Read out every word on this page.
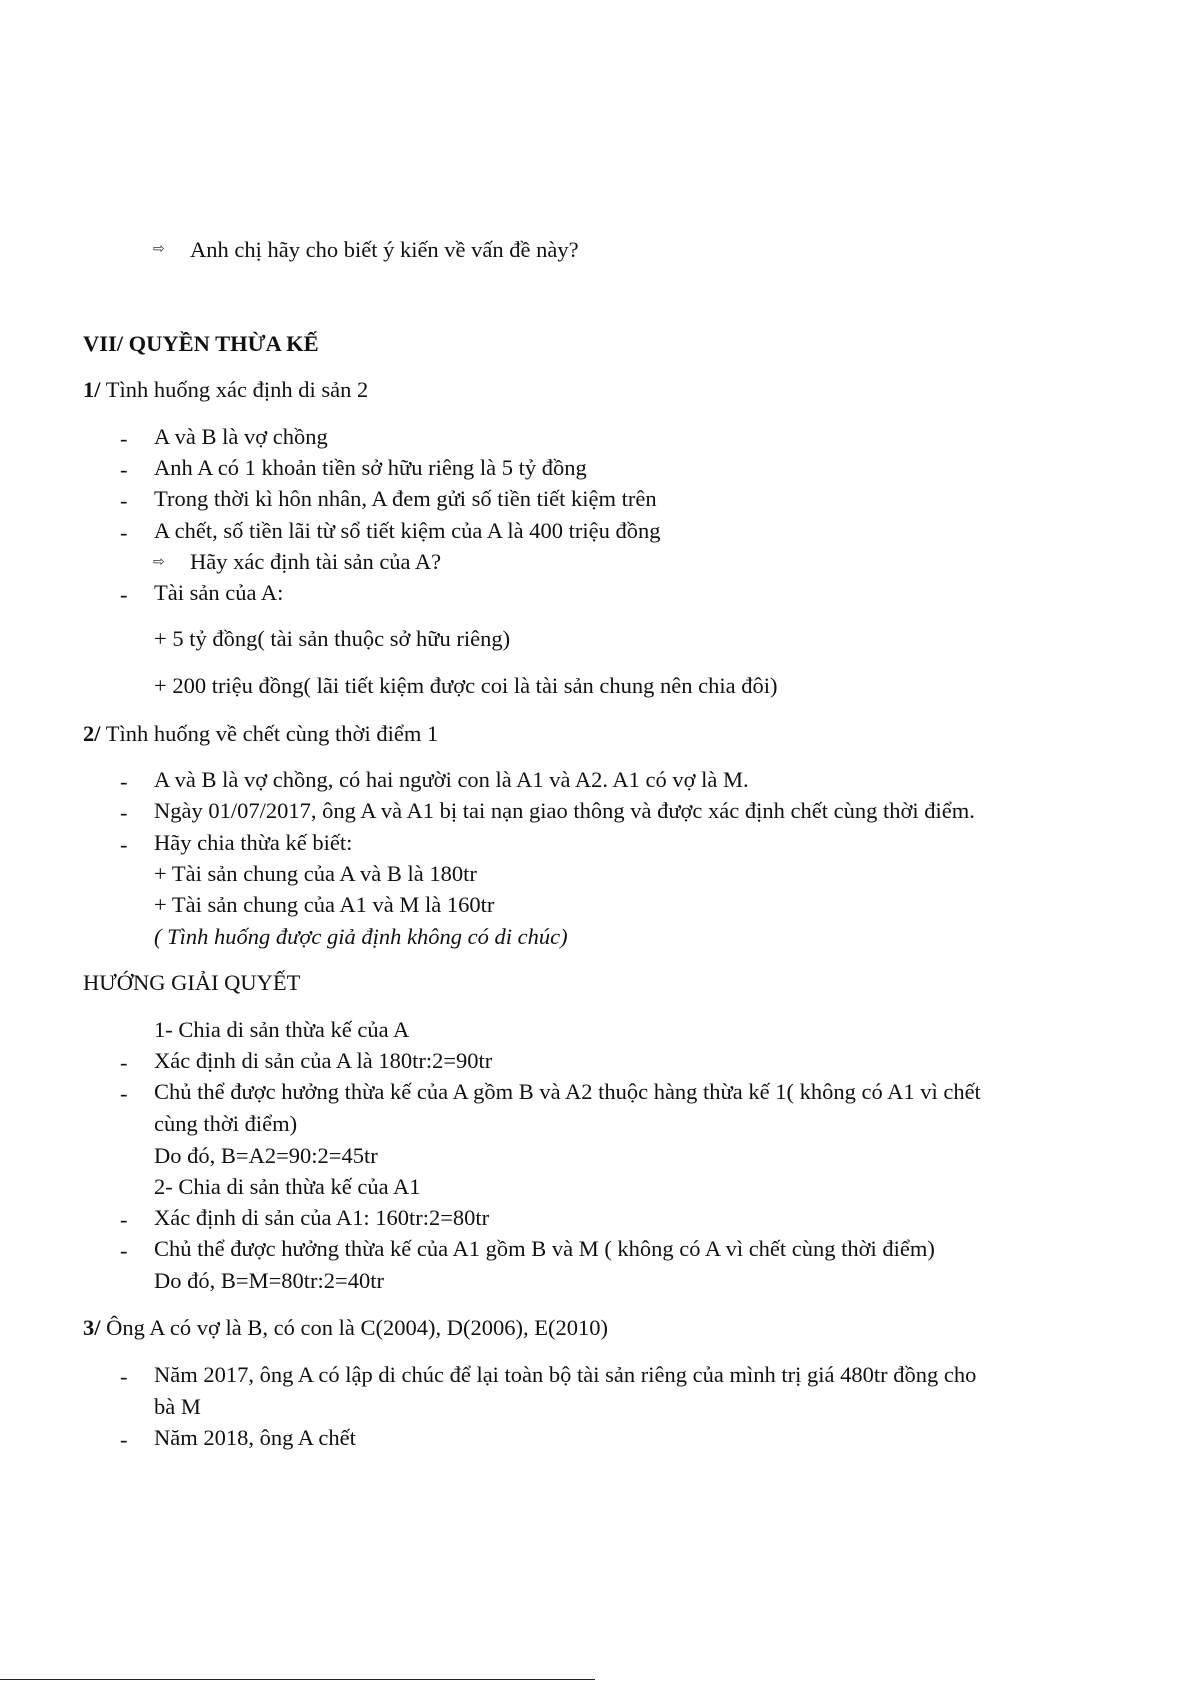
⇨ Anh chị hãy cho biết ý kiến về vấn đề này?
VII/ QUYỀN THỪA KẾ
1/ Tình huống xác định di sản 2
- A và B là vợ chồng
- Anh A có 1 khoản tiền sở hữu riêng là 5 tỷ đồng
- Trong thời kì hôn nhân, A đem gửi số tiền tiết kiệm trên
- A chết, số tiền lãi từ sổ tiết kiệm của A là 400 triệu đồng
⇨ Hãy xác định tài sản của A?
- Tài sản của A:
+ 5 tỷ đồng( tài sản thuộc sở hữu riêng)
+ 200 triệu đồng( lãi tiết kiệm được coi là tài sản chung nên chia đôi)
2/ Tình huống về chết cùng thời điểm 1
- A và B là vợ chồng, có hai người con là A1 và A2. A1 có vợ là M.
- Ngày 01/07/2017, ông A và A1 bị tai nạn giao thông và được xác định chết cùng thời điểm.
- Hãy chia thừa kế biết:
+ Tài sản chung của A và B là 180tr
+ Tài sản chung của A1 và M là 160tr
( Tình huống được giả định không có di chúc)
HƯỚNG GIẢI QUYẾT
1- Chia di sản thừa kế của A
- Xác định di sản của A là 180tr:2=90tr
- Chủ thể được hưởng thừa kế của A gồm B và A2 thuộc hàng thừa kế 1( không có A1 vì chết
cùng thời điểm)
Do đó, B=A2=90:2=45tr
2- Chia di sản thừa kế của A1
- Xác định di sản của A1: 160tr:2=80tr
- Chủ thể được hưởng thừa kế của A1 gồm B và M ( không có A vì chết cùng thời điểm)
Do đó, B=M=80tr:2=40tr
3/ Ông A có vợ là B, có con là C(2004), D(2006), E(2010)
- Năm 2017, ông A có lập di chúc để lại toàn bộ tài sản riêng của mình trị giá 480tr đồng cho
bà M
- Năm 2018, ông A chết
